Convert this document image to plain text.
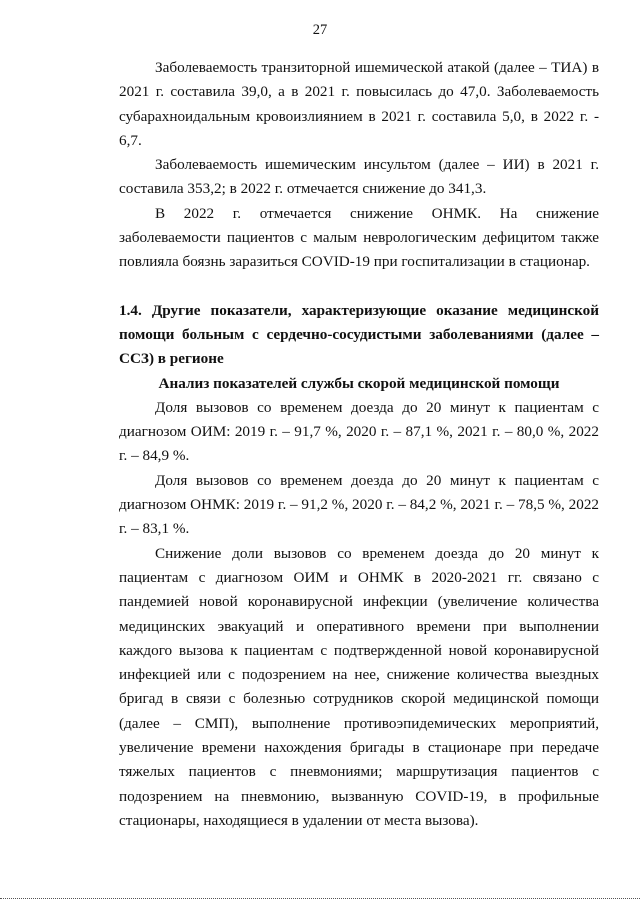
27

Заболеваемость транзиторной ишемической атакой (далее – ТИА) в 2021 г. составила 39,0, а в 2021 г. повысилась до 47,0. Заболеваемость субарахноидальным кровоизлиянием в 2021 г. составила 5,0, в 2022 г. - 6,7.

Заболеваемость ишемическим инсультом (далее – ИИ) в 2021 г. составила 353,2; в 2022 г. отмечается снижение до 341,3.

В 2022 г. отмечается снижение ОНМК. На снижение заболеваемости пациентов с малым неврологическим дефицитом также повлияла боязнь заразиться COVID-19 при госпитализации в стационар.

1.4. Другие показатели, характеризующие оказание медицинской помощи больным с сердечно-сосудистыми заболеваниями (далее – ССЗ) в регионе

Анализ показателей службы скорой медицинской помощи

Доля вызовов со временем доезда до 20 минут к пациентам с диагнозом ОИМ: 2019 г. – 91,7 %, 2020 г. – 87,1 %, 2021 г. – 80,0 %, 2022 г. – 84,9 %.

Доля вызовов со временем доезда до 20 минут к пациентам с диагнозом ОНМК: 2019 г. – 91,2 %, 2020 г. – 84,2 %, 2021 г. – 78,5 %, 2022 г. – 83,1 %.

Снижение доли вызовов со временем доезда до 20 минут к пациентам с диагнозом ОИМ и ОНМК в 2020-2021 гг. связано с пандемией новой коронавирусной инфекции (увеличение количества медицинских эвакуаций и оперативного времени при выполнении каждого вызова к пациентам с подтвержденной новой коронавирусной инфекцией или с подозрением на нее, снижение количества выездных бригад в связи с болезнью сотрудников скорой медицинской помощи (далее – СМП), выполнение противоэпидемических мероприятий, увеличение времени нахождения бригады в стационаре при передаче тяжелых пациентов с пневмониями; маршрутизация пациентов с подозрением на пневмонию, вызванную COVID-19, в профильные стационары, находящиеся в удалении от места вызова).
